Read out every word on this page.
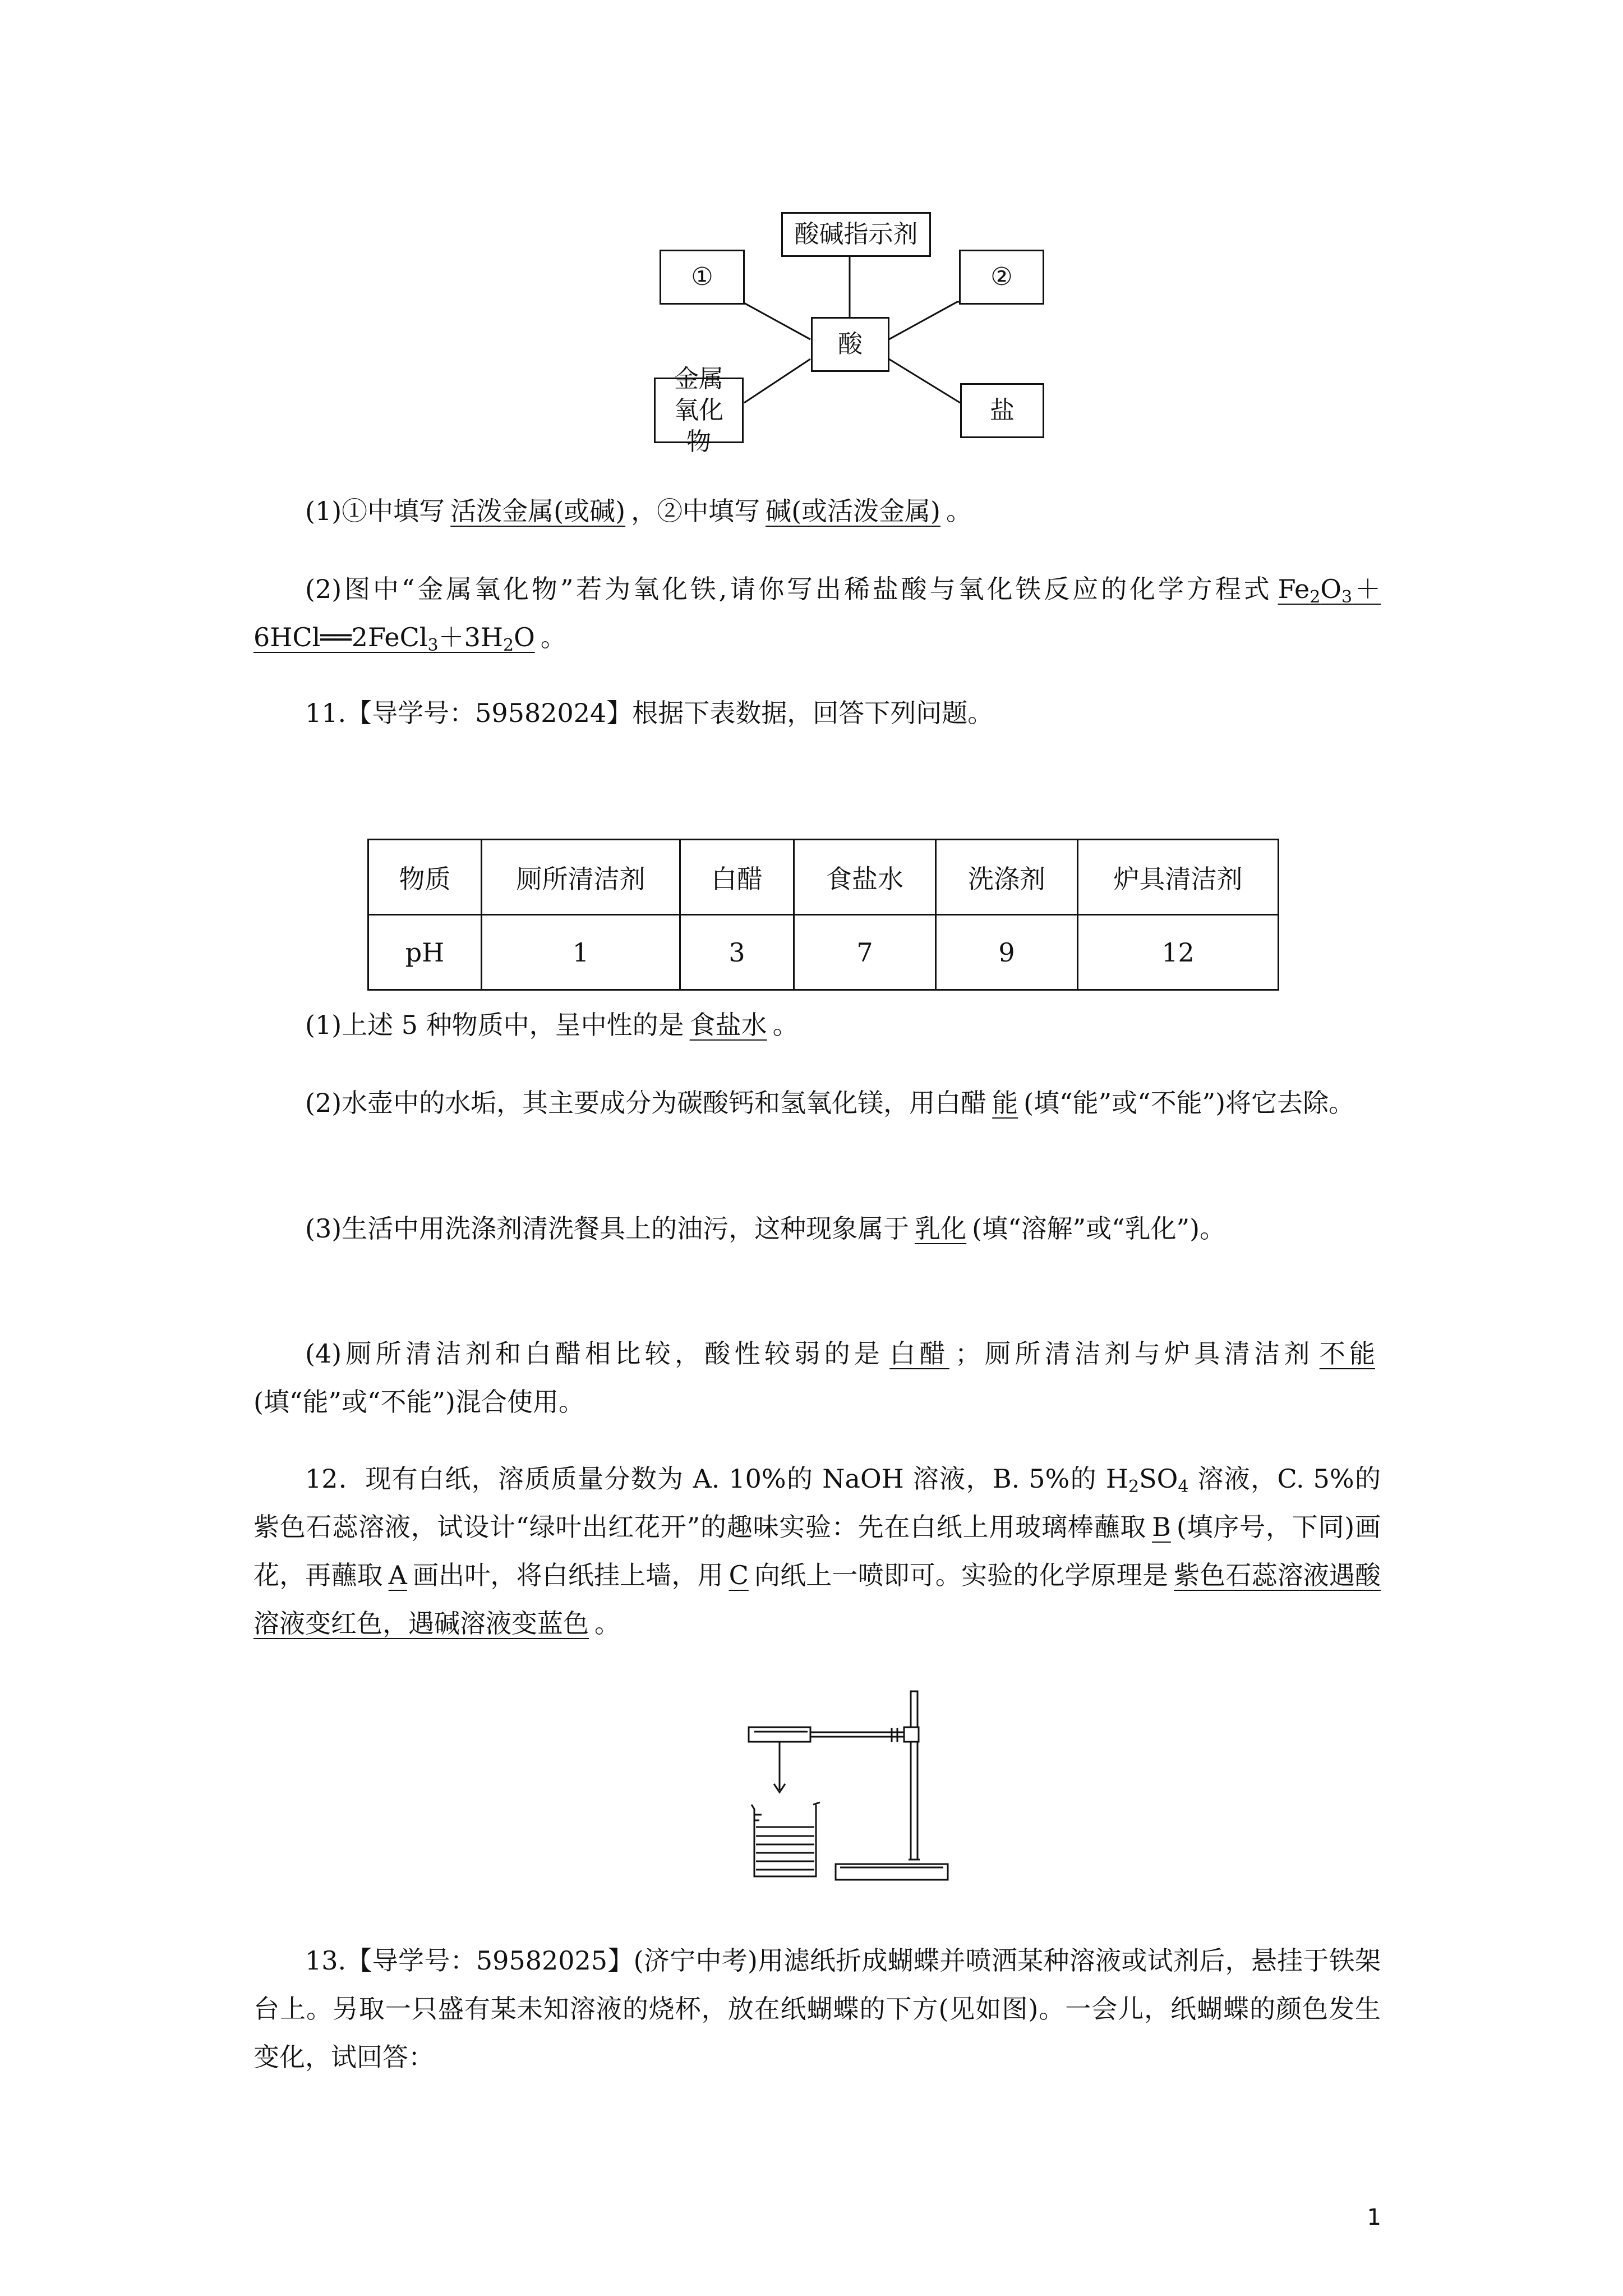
酸碱指示剂
①	②
酸
金属氧化物
盐

(1)①中填写 活泼金属(或碱) ，②中填写 碱(或活泼金属) 。

(2)图中“金属氧化物”若为氧化铁,请你写出稀盐酸与氧化铁反应的化学方程式 $Fe_2O_3+6HCl══2FeCl_3+3H_2O$ 。

11.【导学号：59582024】根据下表数据，回答下列问题。

物质	厕所清洁剂	白醋	食盐水	洗涤剂	炉具清洁剂
pH	1	3	7	9	12

(1)上述 5 种物质中，呈中性的是 食盐水 。

(2)水壶中的水垢，其主要成分为碳酸钙和氢氧化镁，用白醋 能 (填“能”或“不能”)将它去除。

(3)生活中用洗涤剂清洗餐具上的油污，这种现象属于 乳化 (填“溶解”或“乳化”)。

(4)厕所清洁剂和白醋相比较，酸性较弱的是 白醋 ；厕所清洁剂与炉具清洁剂 不能(填“能”或“不能”)混合使用。

12．现有白纸，溶质质量分数为 A. 10%的 NaOH 溶液，B. 5%的 $H_2SO_4$ 溶液，C. 5%的紫色石蕊溶液，试设计“绿叶出红花开”的趣味实验：先在白纸上用玻璃棒蘸取 B (填序号，下同)画花，再蘸取 A 画出叶，将白纸挂上墙，用 C 向纸上一喷即可。实验的化学原理是 紫色石蕊溶液遇酸溶液变红色，遇碱溶液变蓝色 。

13.【导学号：59582025】(济宁中考)用滤纸折成蝴蝶并喷洒某种溶液或试剂后，悬挂于铁架台上。另取一只盛有某未知溶液的烧杯，放在纸蝴蝶的下方(见如图)。一会儿，纸蝴蝶的颜色发生变化，试回答：

1
